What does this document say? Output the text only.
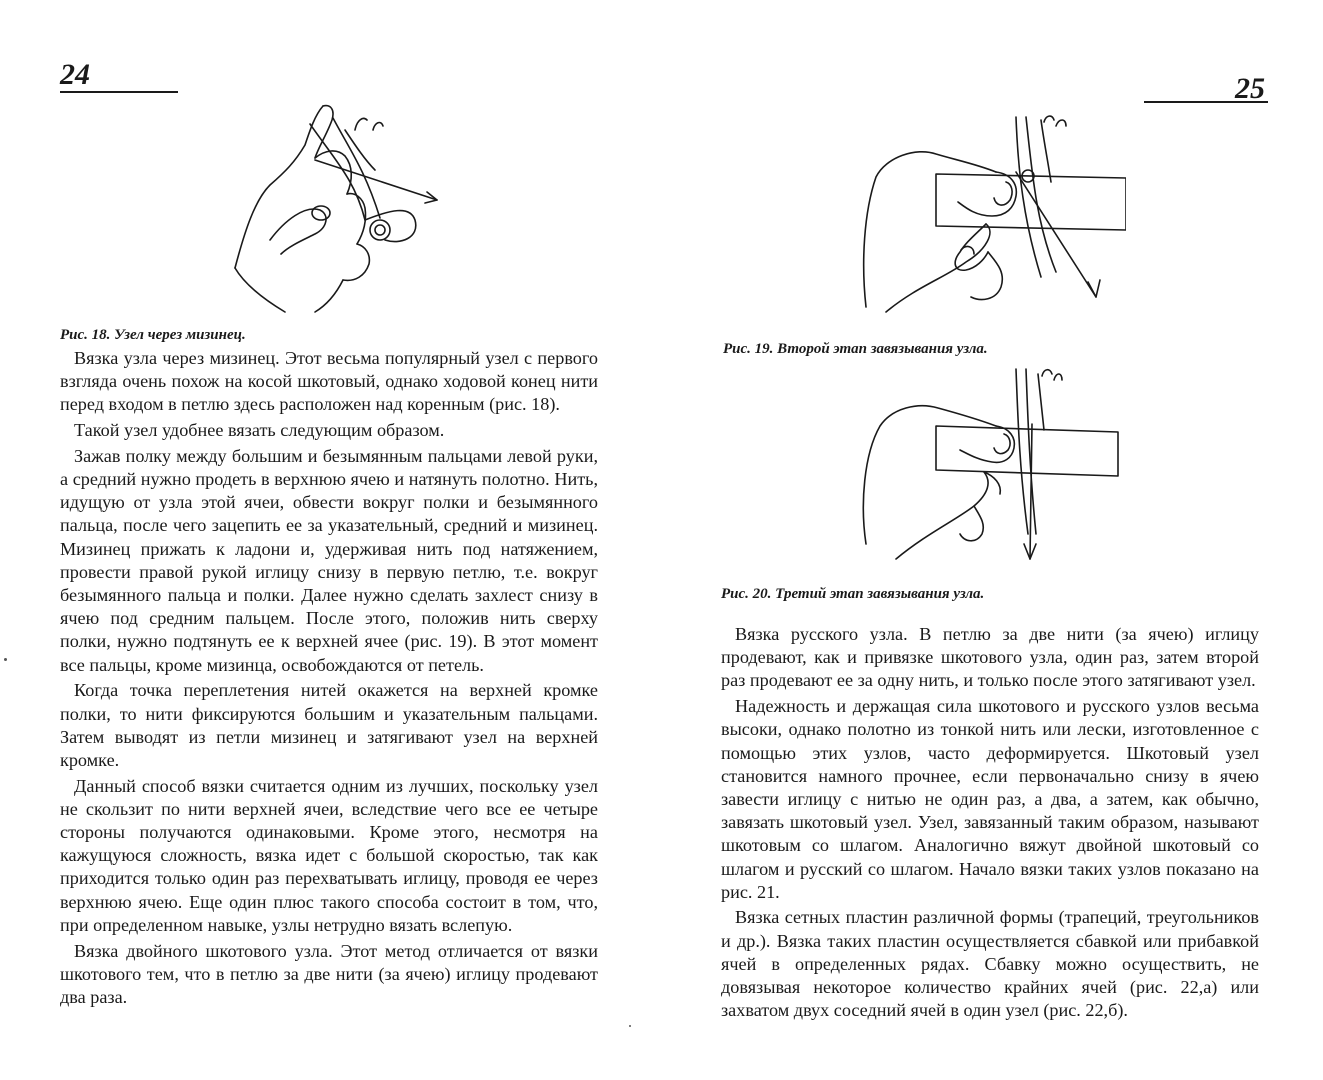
24
Рис. 18. Узел через мизинец.

Вязка узла через мизинец. Этот весьма популярный узел с первого взгляда очень похож на косой шкотовый, однако ходовой конец нити перед входом в петлю здесь расположен над коренным (рис. 18).

Такой узел удобнее вязать следующим образом.

Зажав полку между большим и безымянным пальцами левой руки, а средний нужно продеть в верхнюю ячею и натянуть полотно. Нить, идущую от узла этой ячеи, обвести вокруг полки и безымянного пальца, после чего зацепить ее за указательный, средний и мизинец. Мизинец прижать к ладони и, удерживая нить под натяжением, провести правой рукой иглицу снизу в первую петлю, т.е. вокруг безымянного пальца и полки. Далее нужно сделать захлест снизу в ячею под средним пальцем. После этого, положив нить сверху полки, нужно подтянуть ее к верхней ячее (рис. 19). В этот момент все пальцы, кроме мизинца, освобождаются от петель.

Когда точка переплетения нитей окажется на верхней кромке полки, то нити фиксируются большим и указательным пальцами. Затем выводят из петли мизинец и затягивают узел на верхней кромке.

Данный способ вязки считается одним из лучших, поскольку узел не скользит по нити верхней ячеи, вследствие чего все ее четыре стороны получаются одинаковыми. Кроме этого, несмотря на кажущуюся сложность, вязка идет с большой скоростью, так как приходится только один раз перехватывать иглицу, проводя ее через верхнюю ячею. Еще один плюс такого способа состоит в том, что, при определенном навыке, узлы нетрудно вязать вслепую.

Вязка двойного шкотового узла. Этот метод отличается от вязки шкотового тем, что в петлю за две нити (за ячею) иглицу продевают два раза.

25
Рис. 19. Второй этап завязывания узла.
Рис. 20. Третий этап завязывания узла.

Вязка русского узла. В петлю за две нити (за ячею) иглицу продевают, как и привязке шкотового узла, один раз, затем второй раз продевают ее за одну нить, и только после этого затягивают узел.

Надежность и держащая сила шкотового и русского узлов весьма высоки, однако полотно из тонкой нить или лески, изготовленное с помощью этих узлов, часто деформируется. Шкотовый узел становится намного прочнее, если первоначально снизу в ячею завести иглицу с нитью не один раз, а два, а затем, как обычно, завязать шкотовый узел. Узел, завязанный таким образом, называют шкотовым со шлагом. Аналогично вяжут двойной шкотовый со шлагом и русский со шлагом. Начало вязки таких узлов показано на рис. 21.

Вязка сетных пластин различной формы (трапеций, треугольников и др.). Вязка таких пластин осуществляется сбавкой или прибавкой ячей в определенных рядах. Сбавку можно осуществить, не довязывая некоторое количество крайних ячей (рис. 22,а) или захватом двух соседний ячей в один узел (рис. 22,б).
